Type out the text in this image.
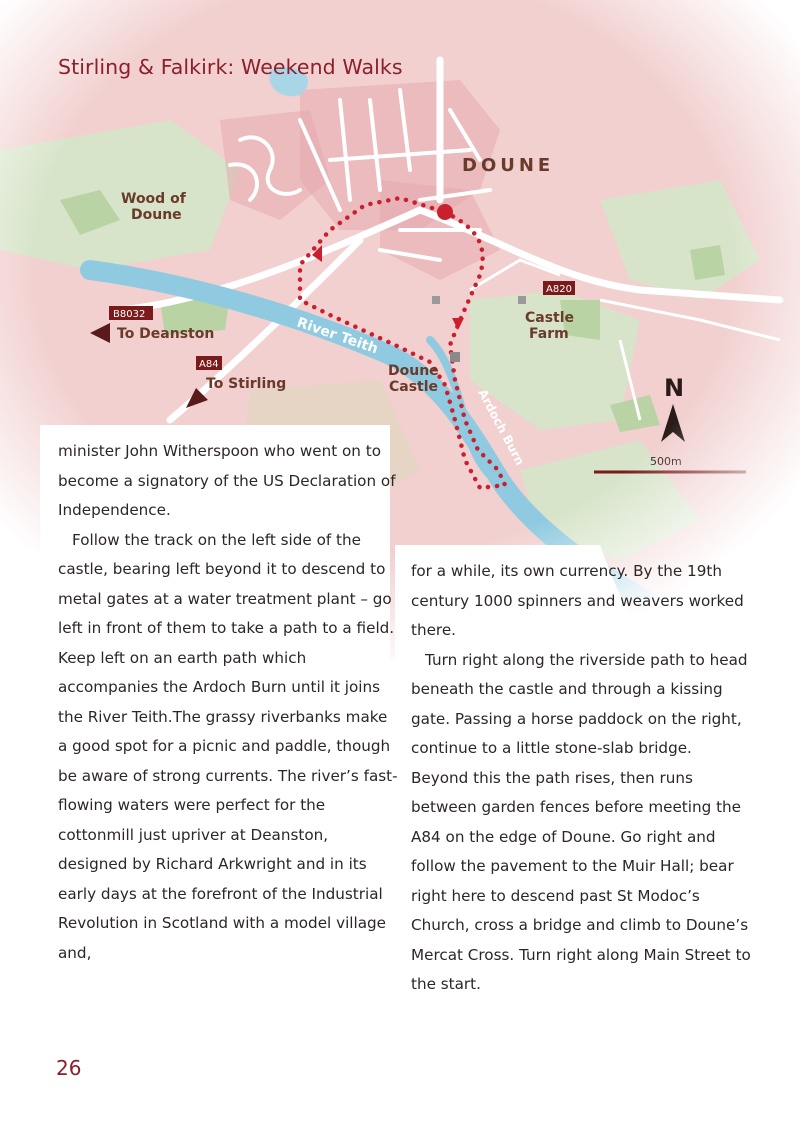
Stirling & Falkirk: Weekend Walks

minister John Witherspoon who went on to become a signatory of the US Declaration of Independence.

Follow the track on the left side of the castle, bearing left beyond it to descend to metal gates at a water treatment plant – go left in front of them to take a path to a field. Keep left on an earth path which accompanies the Ardoch Burn until it joins the River Teith.The grassy riverbanks make a good spot for a picnic and paddle, though be aware of strong currents. The river’s fast-flowing waters were perfect for the cottonmill just upriver at Deanston, designed by Richard Arkwright and in its early days at the forefront of the Industrial Revolution in Scotland with a model village and,

for a while, its own currency. By the 19th century 1000 spinners and weavers worked there.

Turn right along the riverside path to head beneath the castle and through a kissing gate. Passing a horse paddock on the right, continue to a little stone-slab bridge. Beyond this the path rises, then runs between garden fences before meeting the A84 on the edge of Doune. Go right and follow the pavement to the Muir Hall; bear right here to descend past St Modoc’s Church, cross a bridge and climb to Doune’s Mercat Cross. Turn right along Main Street to the start.

26
